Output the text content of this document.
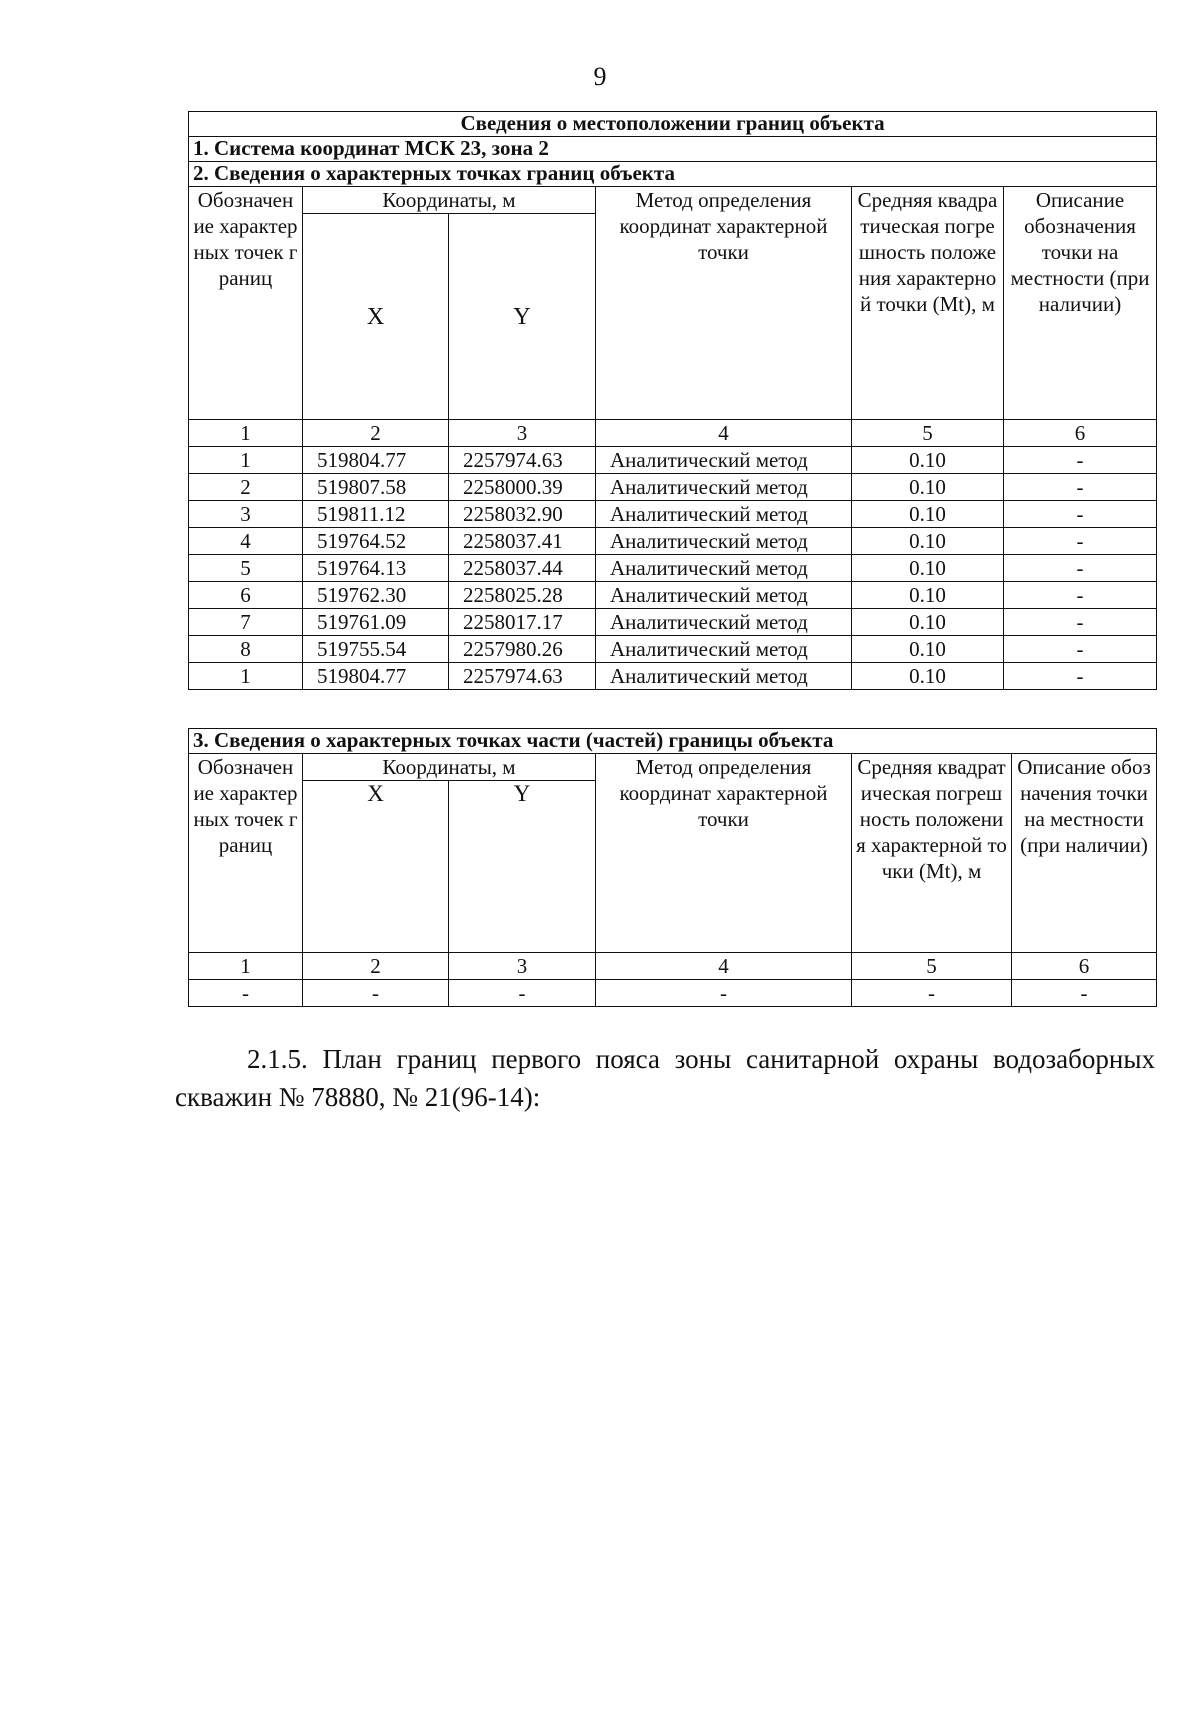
9
Сведения о местоположении границ объекта					
1. Система координат МСК 23, зона 2					
2. Сведения о характерных точках границ объекта					
Обозначение характерных точек границ	Координаты, м		Метод определения координат характерной точки	Средняя квадратическая погрешность положения характерной точки (Mt), м	Описание обозначения точки на местности (при наличии)
	X	Y			
1	2	3	4	5	6
1	519804.77	2257974.63	Аналитический метод	0.10	-
2	519807.58	2258000.39	Аналитический метод	0.10	-
3	519811.12	2258032.90	Аналитический метод	0.10	-
4	519764.52	2258037.41	Аналитический метод	0.10	-
5	519764.13	2258037.44	Аналитический метод	0.10	-
6	519762.30	2258025.28	Аналитический метод	0.10	-
7	519761.09	2258017.17	Аналитический метод	0.10	-
8	519755.54	2257980.26	Аналитический метод	0.10	-
1	519804.77	2257974.63	Аналитический метод	0.10	-
3. Сведения о характерных точках части (частей) границы объекта					
Обозначение характерных точек границ	Координаты, м		Метод определения координат характерной точки	Средняя квадратическая погрешность положения характерной точки (Mt), м	Описание обозначения точки на местности (при наличии)
	X	Y			
1	2	3	4	5	6
-	-	-	-	-	-
2.1.5. План границ первого пояса зоны санитарной охраны водозаборных скважин № 78880, № 21(96-14):
